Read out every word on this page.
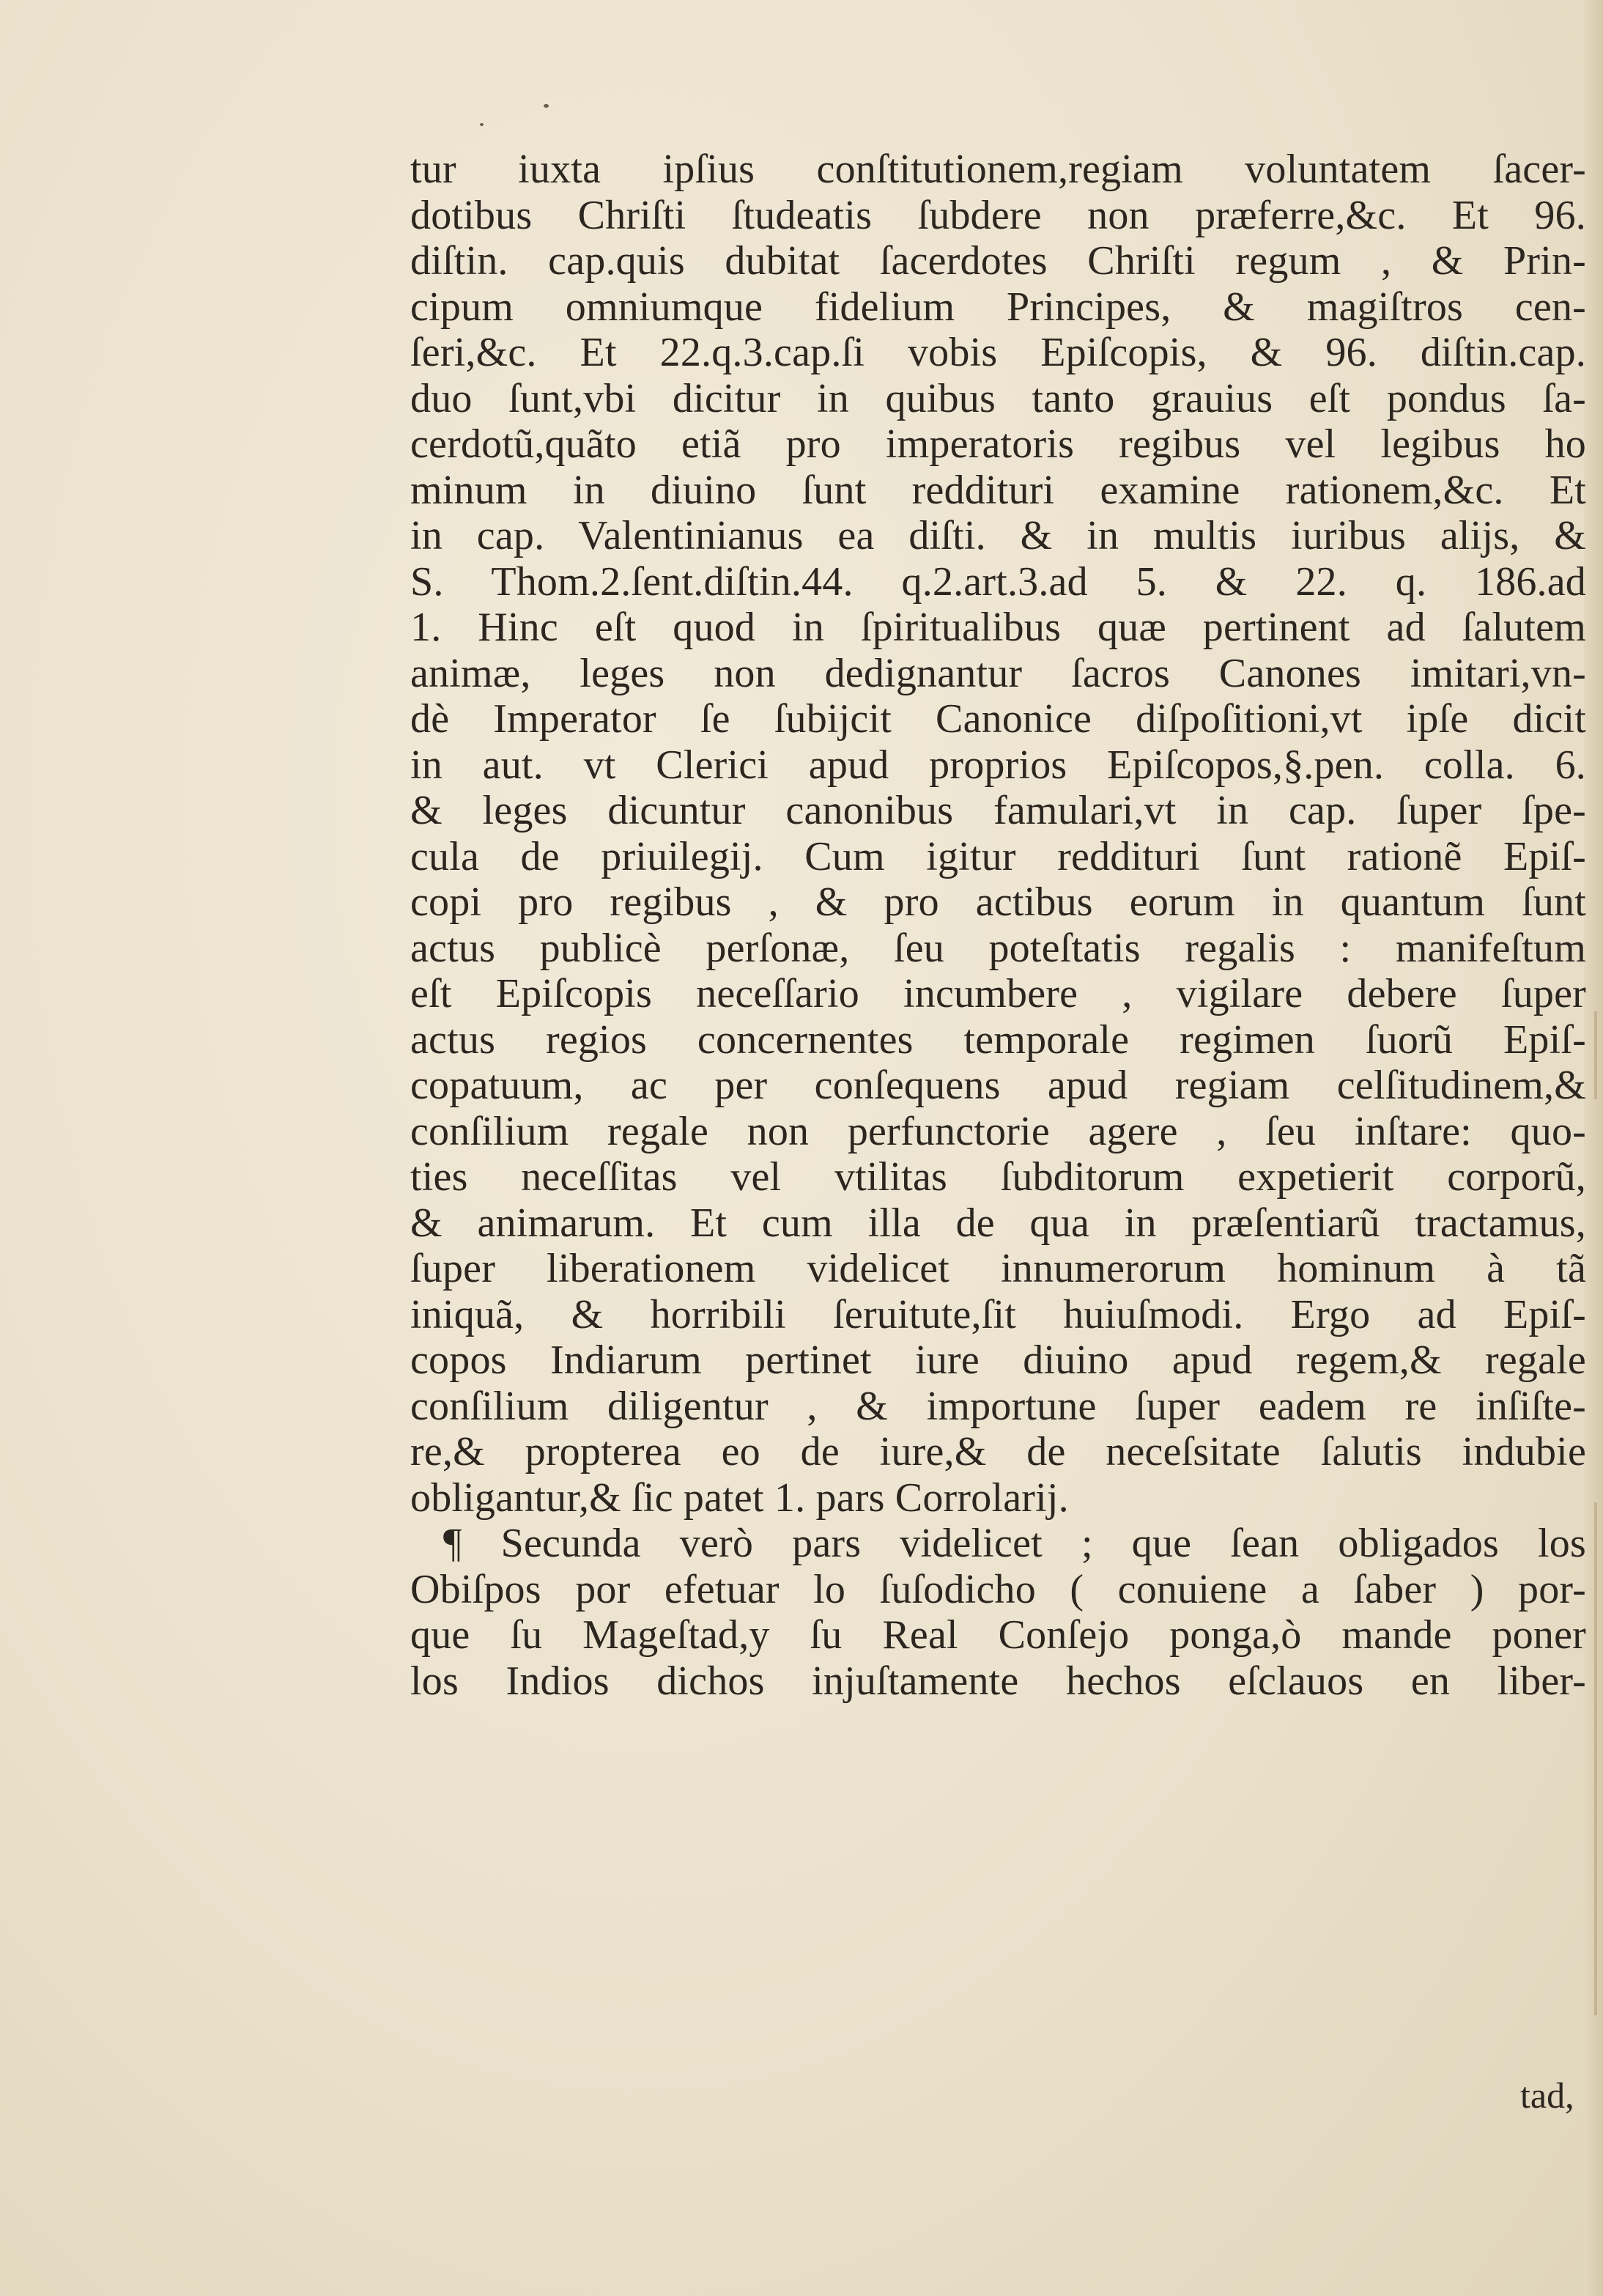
tur iuxta ipſius conſtitutionem,regiam voluntatem ſacer-
dotibus Chriſti ſtudeatis ſubdere non præferre,&c. Et 96.
diſtin. cap.quis dubitat ſacerdotes Chriſti regum , & Prin-
cipum omniumque fidelium Principes, & magiſtros cen-
ſeri,&c. Et 22.q.3.cap.ſi vobis Epiſcopis, & 96. diſtin.cap.
duo ſunt,vbi dicitur in quibus tanto grauius eſt pondus ſa-
cerdotũ,quãto etiã pro imperatoris regibus vel legibus ho
minum in diuino ſunt reddituri examine rationem,&c. Et
in cap. Valentinianus ea diſti. & in multis iuribus alijs, &
S. Thom.2.ſent.diſtin.44. q.2.art.3.ad 5. & 22. q. 186.ad
1. Hinc eſt quod in ſpiritualibus quæ pertinent ad ſalutem
animæ, leges non dedignantur ſacros Canones imitari,vn-
dè Imperator ſe ſubijcit Canonice diſpoſitioni,vt ipſe dicit
in aut. vt Clerici apud proprios Epiſcopos,§.pen. colla. 6.
& leges dicuntur canonibus famulari,vt in cap. ſuper ſpe-
cula de priuilegij. Cum igitur reddituri ſunt rationẽ Epiſ-
copi pro regibus , & pro actibus eorum in quantum ſunt
actus publicè perſonæ, ſeu poteſtatis regalis : manifeſtum
eſt Epiſcopis neceſſario incumbere , vigilare debere ſuper
actus regios concernentes temporale regimen ſuorũ Epiſ-
copatuum, ac per conſequens apud regiam celſitudinem,&
conſilium regale non perfunctorie agere , ſeu inſtare: quo-
ties neceſſitas vel vtilitas ſubditorum expetierit corporũ,
& animarum. Et cum illa de qua in præſentiarũ tractamus,
ſuper liberationem videlicet innumerorum hominum à tã
iniquã, & horribili ſeruitute,ſit huiuſmodi. Ergo ad Epiſ-
copos Indiarum pertinet iure diuino apud regem,& regale
conſilium diligentur , & importune ſuper eadem re inſiſte-
re,& propterea eo de iure,& de neceſsitate ſalutis indubie
obligantur,& ſic patet 1. pars Corrolarij.
¶ Secunda verò pars videlicet ; que ſean obligados los
Obiſpos por efetuar lo ſuſodicho ( conuiene a ſaber ) por-
que ſu Mageſtad,y ſu Real Conſejo ponga,ò mande poner
los Indios dichos injuſtamente hechos eſclauos en liber-
tad,
